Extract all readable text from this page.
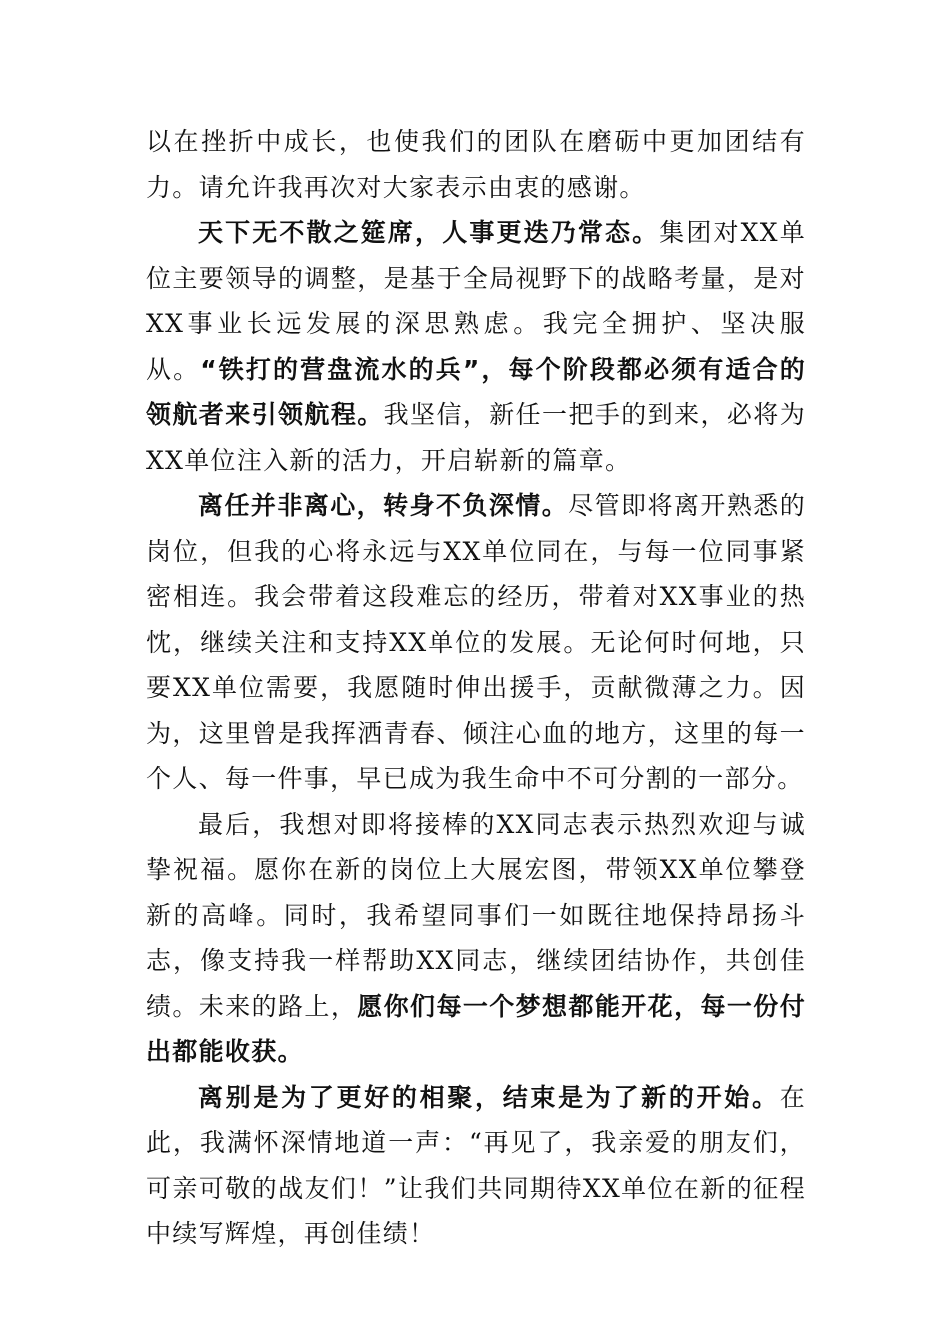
以在挫折中成长，也使我们的团队在磨砺中更加团结有力。请允许我再次对大家表示由衷的感谢。

天下无不散之筵席，人事更迭乃常态。集团对XX单位主要领导的调整，是基于全局视野下的战略考量，是对XX事业长远发展的深思熟虑。我完全拥护、坚决服从。“铁打的营盘流水的兵”，每个阶段都必须有适合的领航者来引领航程。我坚信，新任一把手的到来，必将为XX单位注入新的活力，开启崭新的篇章。

离任并非离心，转身不负深情。尽管即将离开熟悉的岗位，但我的心将永远与XX单位同在，与每一位同事紧密相连。我会带着这段难忘的经历，带着对XX事业的热忱，继续关注和支持XX单位的发展。无论何时何地，只要XX单位需要，我愿随时伸出援手，贡献微薄之力。因为，这里曾是我挥洒青春、倾注心血的地方，这里的每一个人、每一件事，早已成为我生命中不可分割的一部分。

最后，我想对即将接棒的XX同志表示热烈欢迎与诚挚祝福。愿你在新的岗位上大展宏图，带领XX单位攀登新的高峰。同时，我希望同事们一如既往地保持昂扬斗志，像支持我一样帮助XX同志，继续团结协作，共创佳绩。未来的路上，愿你们每一个梦想都能开花，每一份付出都能收获。

离别是为了更好的相聚，结束是为了新的开始。在此，我满怀深情地道一声：“再见了，我亲爱的朋友们，可亲可敬的战友们！”让我们共同期待XX单位在新的征程中续写辉煌，再创佳绩！
